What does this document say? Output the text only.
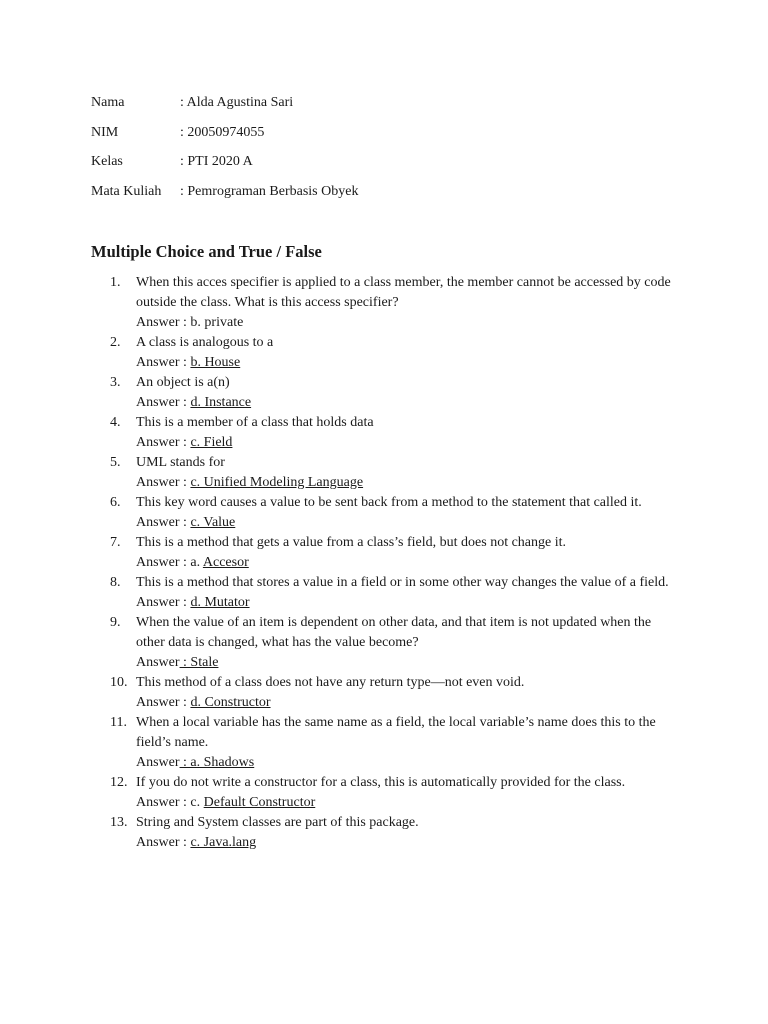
Nama	: Alda Agustina Sari
NIM	: 20050974055
Kelas	: PTI 2020 A
Mata Kuliah : Pemrograman Berbasis Obyek
Multiple Choice and True / False
1. When this acces specifier is applied to a class member, the member cannot be accessed by code outside the class. What is this access specifier?
Answer : b. private
2. A class is analogous to a
Answer : b. House
3. An object is a(n)
Answer : d. Instance
4. This is a member of a class that holds data
Answer : c. Field
5. UML stands for
Answer : c. Unified Modeling Language
6. This key word causes a value to be sent back from a method to the statement that called it.
Answer : c. Value
7. This is a method that gets a value from a class’s field, but does not change it.
Answer : a. Accesor
8. This is a method that stores a value in a field or in some other way changes the value of a field.
Answer : d. Mutator
9. When the value of an item is dependent on other data, and that item is not updated when the other data is changed, what has the value become?
Answer : Stale
10. This method of a class does not have any return type—not even void.
Answer : d. Constructor
11. When a local variable has the same name as a field, the local variable’s name does this to the field’s name.
Answer : a. Shadows
12. If you do not write a constructor for a class, this is automatically provided for the class.
Answer : c. Default Constructor
13. String and System classes are part of this package.
Answer : c. Java.lang
